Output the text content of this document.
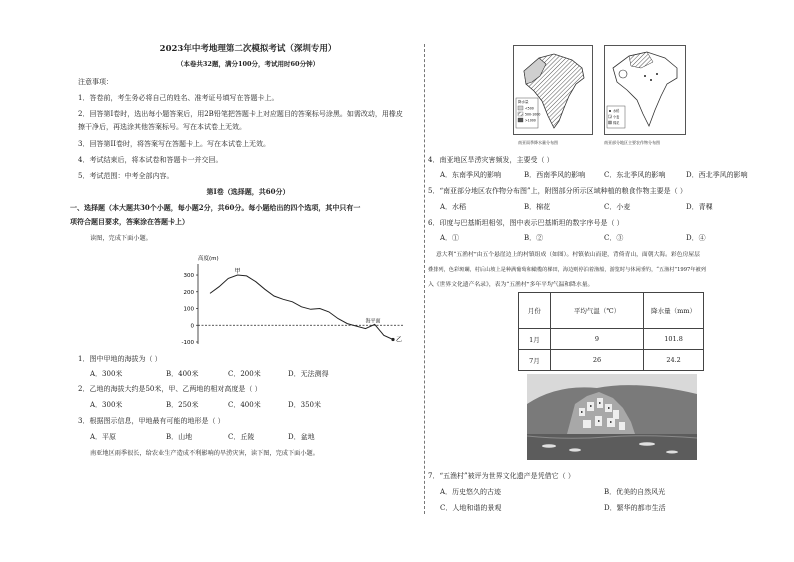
2023年中考地理第二次模拟考试（深圳专用）
（本卷共32题，满分100分，考试用时60分钟）
注意事项：
1．答卷前，考生务必将自己的姓名、准考证号填写在答题卡上。
2．回答第I卷时，选出每小题答案后，用2B铅笔把答题卡上对应题目的答案标号涂黑。如需改动，用橡皮
擦干净后，再选涂其他答案标号。写在本试卷上无效。
3．回答第II卷时，将答案写在答题卡上。写在本试卷上无效。
4．考试结束后，将本试卷和答题卡一并交回。
5．考试范围：中考全部内容。
第I卷（选择题，共60分）
一、选择题（本大题共30个小题，每小题2分，共60分。每小题给出的四个选项，其中只有一
项符合题目要求，答案涂在答题卡上）
读图，完成下面小题。
高度(m)
300
200
100
0
-100
甲
乙
海平面
1．图中甲地的海拔为（ ）
A．300米	B．400米	C．200米	D．无法测得
2．乙地的海拔大约是50米，甲、乙两地的相对高度是（ ）
A．300米	B．250米	C．400米	D．350米
3．根据图示信息，甲地最有可能的地形是（ ）
A．平原	B．山地	C．丘陵	D．盆地
南亚地区雨季很长，给农业生产造成不利影响的旱涝灾害，读下图，完成下面小题。
降水量
<500
500-1000
>1000
南亚雨季降水量分布图
水稻
小麦
棉花
南亚部分地区主要农作物分布图
4．南亚地区旱涝灾害频发，主要受（ ）
A．东南季风的影响	B．西南季风的影响	C．东北季风的影响	D．西北季风的影响
5．“南亚部分地区农作物分布图”上，附图部分所示区域种植的粮食作物主要是（ ）
A．水稻	B．棉花	C．小麦	D．青稞
6．印度与巴基斯坦相邻，图中表示巴基斯坦的数字序号是（ ）
A．①	B．②	C．③	D．④
意大利“五渔村”由五个悬崖边上的村镇组成（如图）。村镇依山而建，背倚青山，面朝大海。彩色房屋层
叠排列，色彩斑斓，村后山坡上是种满葡萄和橄榄的梯田，海边则停泊着渔船，游览时与休闲垂钓，“五渔村”1997年被列
入《世界文化遗产名录》，表为“五渔村”多年平均气温和降水量。
月份	平均气温（℃）	降水量（mm）
1月	9	101.8
7月	26	24.2
7．“五渔村”被评为世界文化遗产是凭借它（ ）
A．历史悠久的古迹	B．优美的自然风光
C．人地和谐的景观	D．繁华的都市生活
